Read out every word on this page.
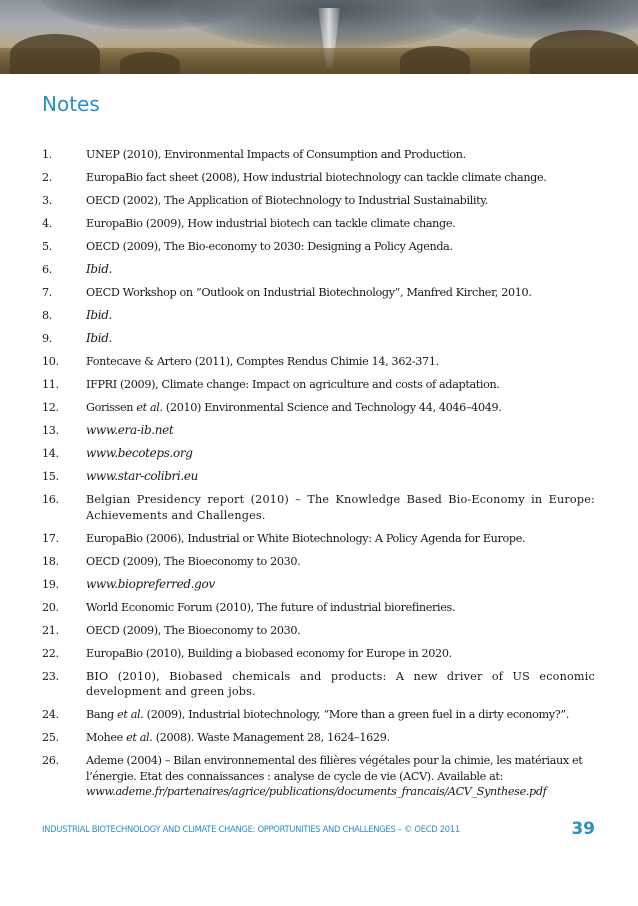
Notes
1.	UNEP (2010), Environmental Impacts of Consumption and Production.
2.	EuropaBio fact sheet (2008), How industrial biotechnology can tackle climate change.
3.	OECD (2002), The Application of Biotechnology to Industrial Sustainability.
4.	EuropaBio (2009), How industrial biotech can tackle climate change.
5.	OECD (2009), The Bio-economy to 2030: Designing a Policy Agenda.
6.	Ibid.
7.	OECD Workshop on “Outlook on Industrial Biotechnology”, Manfred Kircher, 2010.
8.	Ibid.
9.	Ibid.
10.	Fontecave & Artero (2011), Comptes Rendus Chimie 14, 362-371.
11.	IFPRI (2009), Climate change: Impact on agriculture and costs of adaptation.
12.	Gorissen et al. (2010) Environmental Science and Technology 44, 4046–4049.
13.	www.era-ib.net
14.	www.becoteps.org
15.	www.star-colibri.eu
16.	Belgian Presidency report (2010) – The Knowledge Based Bio-Economy in Europe: Achievements and Challenges.
17.	EuropaBio (2006), Industrial or White Biotechnology: A Policy Agenda for Europe.
18.	OECD (2009), The Bioeconomy to 2030.
19.	www.biopreferred.gov
20.	World Economic Forum (2010), The future of industrial biorefineries.
21.	OECD (2009), The Bioeconomy to 2030.
22.	EuropaBio (2010), Building a biobased economy for Europe in 2020.
23.	BIO (2010), Biobased chemicals and products: A new driver of US economic development and green jobs.
24.	Bang et al. (2009), Industrial biotechnology, “More than a green fuel in a dirty economy?”.
25.	Mohee et al. (2008). Waste Management 28, 1624–1629.
26.	Ademe (2004) – Bilan environnemental des filières végétales pour la chimie, les matériaux et l’énergie. Etat des connaissances : analyse de cycle de vie (ACV). Available at:
www.ademe.fr/partenaires/agrice/publications/documents_francais/ACV_Synthese.pdf
INDUSTRIAL BIOTECHNOLOGY AND CLIMATE CHANGE: OPPORTUNITIES AND CHALLENGES – © OECD 2011	39
